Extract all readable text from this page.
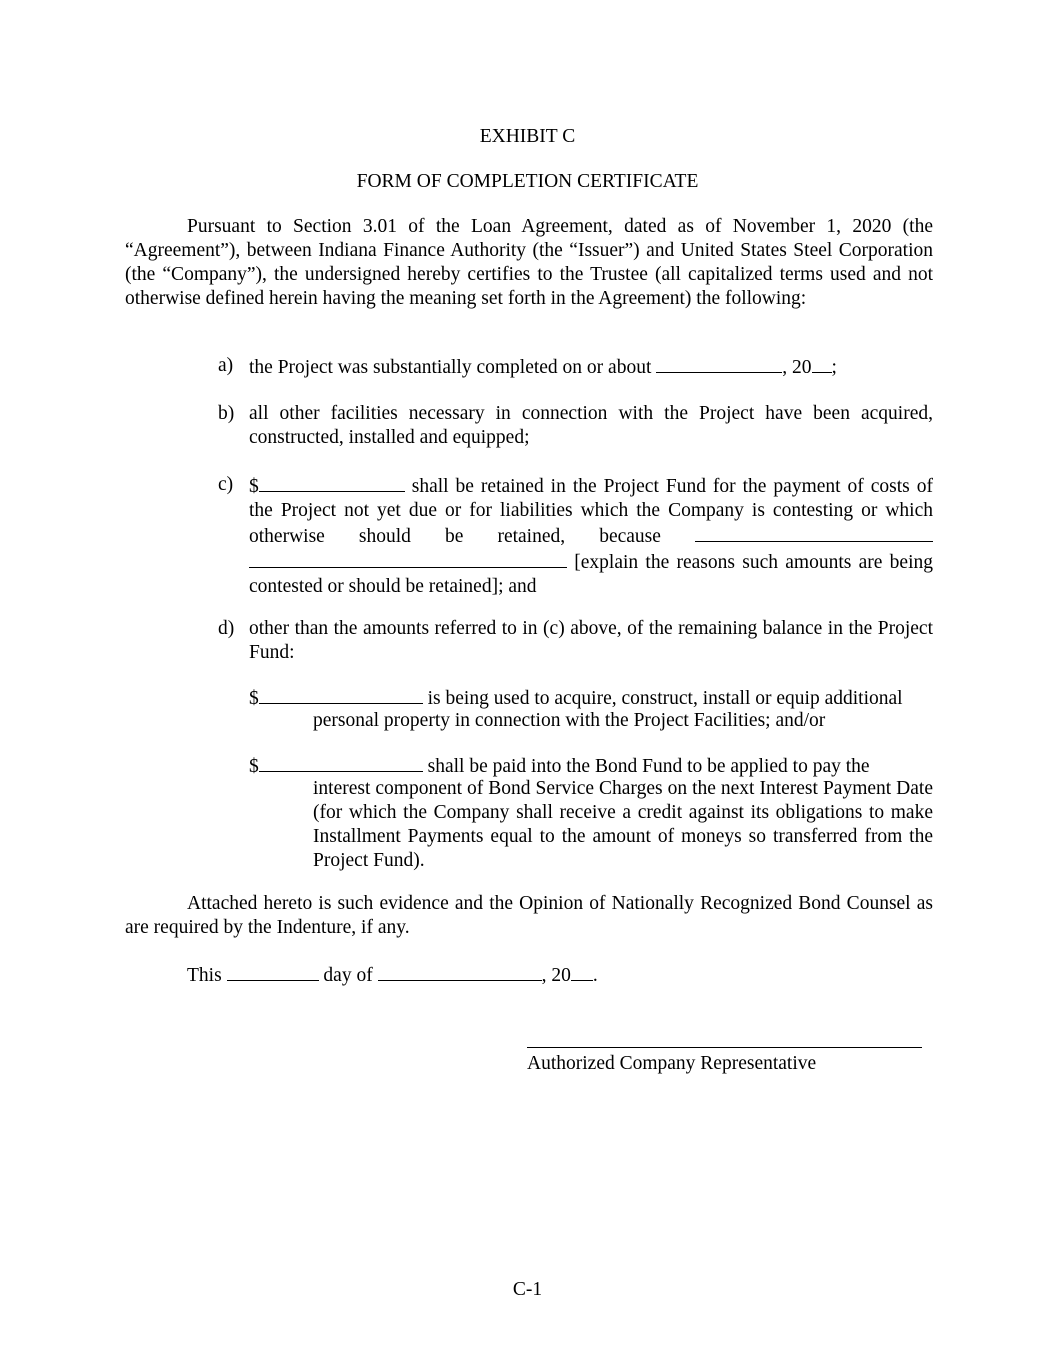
EXHIBIT C
FORM OF COMPLETION CERTIFICATE
Pursuant to Section 3.01 of the Loan Agreement, dated as of November 1, 2020 (the “Agreement”), between Indiana Finance Authority (the “Issuer”) and United States Steel Corporation (the “Company”), the undersigned hereby certifies to the Trustee (all capitalized terms used and not otherwise defined herein having the meaning set forth in the Agreement) the following:
a) the Project was substantially completed on or about	, 20 ;
b) all other facilities necessary in connection with the Project have been acquired, constructed, installed and equipped;
c) $	shall be retained in the Project Fund for the payment of costs of the Project not yet due or for liabilities which the Company is contesting or which otherwise should be retained, because   [explain the reasons such amounts are being contested or should be retained]; and
d) other than the amounts referred to in (c) above, of the remaining balance in the Project Fund:
$	is being used to acquire, construct, install or equip additional
personal property in connection with the Project Facilities; and/or
$	shall be paid into the Bond Fund to be applied to pay the
interest component of Bond Service Charges on the next Interest Payment Date (for which the Company shall receive a credit against its obligations to make Installment Payments equal to the amount of moneys so transferred from the Project Fund).
Attached hereto is such evidence and the Opinion of Nationally Recognized Bond Counsel as are required by the Indenture, if any.
This	day of	, 20 .
Authorized Company Representative
C-1
